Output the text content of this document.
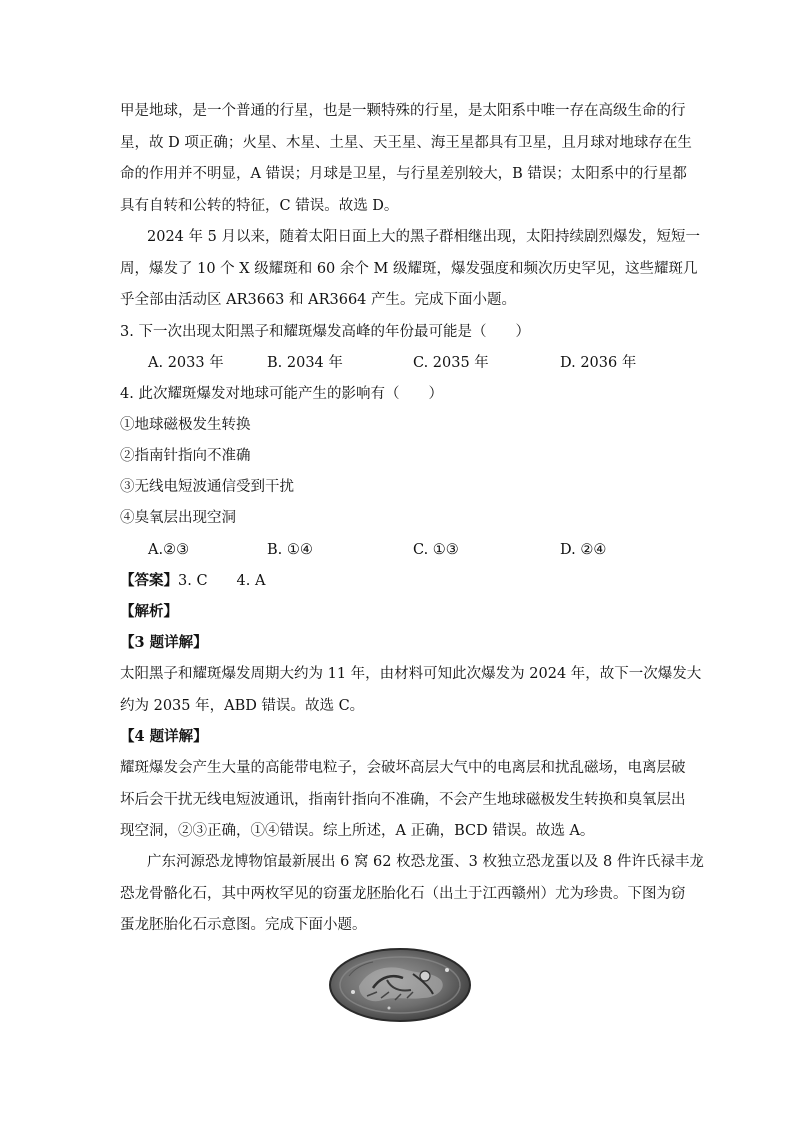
甲是地球，是一个普通的行星，也是一颗特殊的行星，是太阳系中唯一存在高级生命的行
星，故 D 项正确；火星、木星、土星、天王星、海王星都具有卫星，且月球对地球存在生
命的作用并不明显，A 错误；月球是卫星，与行星差别较大，B 错误；太阳系中的行星都
具有自转和公转的特征，C 错误。故选 D。
2024 年 5 月以来，随着太阳日面上大的黑子群相继出现，太阳持续剧烈爆发，短短一
周，爆发了 10 个 X 级耀斑和 60 余个 M 级耀斑，爆发强度和频次历史罕见，这些耀斑几
乎全部由活动区 AR3663 和 AR3664 产生。完成下面小题。
3. 下一次出现太阳黑子和耀斑爆发高峰的年份最可能是（　　）
A. 2033 年	B. 2034 年	C. 2035 年	D. 2036 年
4. 此次耀斑爆发对地球可能产生的影响有（　　）
①地球磁极发生转换
②指南针指向不准确
③无线电短波通信受到干扰
④臭氧层出现空洞
A.②③	B. ①④	C. ①③	D. ②④
【答案】3. C　　4. A
【解析】
【3 题详解】
太阳黑子和耀斑爆发周期大约为 11 年，由材料可知此次爆发为 2024 年，故下一次爆发大
约为 2035 年，ABD 错误。故选 C。
【4 题详解】
耀斑爆发会产生大量的高能带电粒子，会破坏高层大气中的电离层和扰乱磁场，电离层破
坏后会干扰无线电短波通讯，指南针指向不准确，不会产生地球磁极发生转换和臭氧层出
现空洞，②③正确，①④错误。综上所述，A 正确，BCD 错误。故选 A。
广东河源恐龙博物馆最新展出 6 窝 62 枚恐龙蛋、3 枚独立恐龙蛋以及 8 件许氏禄丰龙
恐龙骨骼化石，其中两枚罕见的窃蛋龙胚胎化石（出土于江西赣州）尤为珍贵。下图为窃
蛋龙胚胎化石示意图。完成下面小题。
